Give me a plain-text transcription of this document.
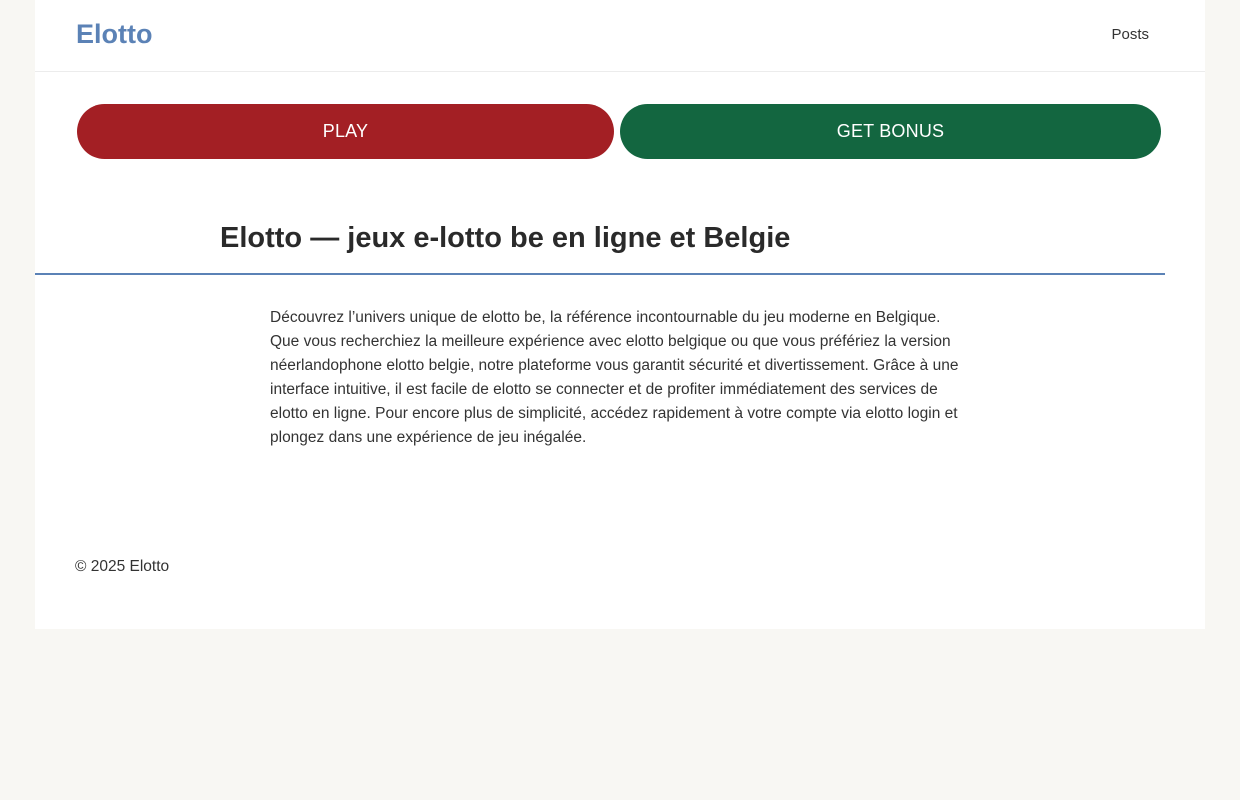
Elotto	Posts
PLAY	GET BONUS
Elotto — jeux e-lotto be en ligne et Belgie

Découvrez l’univers unique de elotto be, la référence incontournable du jeu moderne en Belgique. Que vous recherchiez la meilleure expérience avec elotto belgique ou que vous préfériez la version néerlandophone elotto belgie, notre plateforme vous garantit sécurité et divertissement. Grâce à une interface intuitive, il est facile de elotto se connecter et de profiter immédiatement des services de elotto en ligne. Pour encore plus de simplicité, accédez rapidement à votre compte via elotto login et plongez dans une expérience de jeu inégalée.

© 2025 Elotto
